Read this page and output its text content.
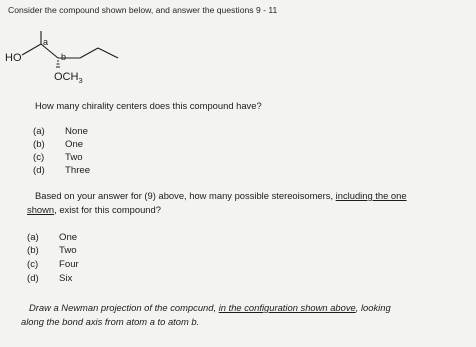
Consider the compound shown below, and answer the questions 9 - 11
HO
a
b
$OCH_3$
How many chirality centers does this compound have?
(a)	None
(b)	One
(c)	Two
(d)	Three
Based on your answer for (9) above, how many possible stereoisomers, including the one
shown, exist for this compound?
(a)	One
(b)	Two
(c)	Four
(d)	Six
Draw a Newman projection of the compcund, in the configuration shown above, looking
along the bond axis from atom a to atom b.
